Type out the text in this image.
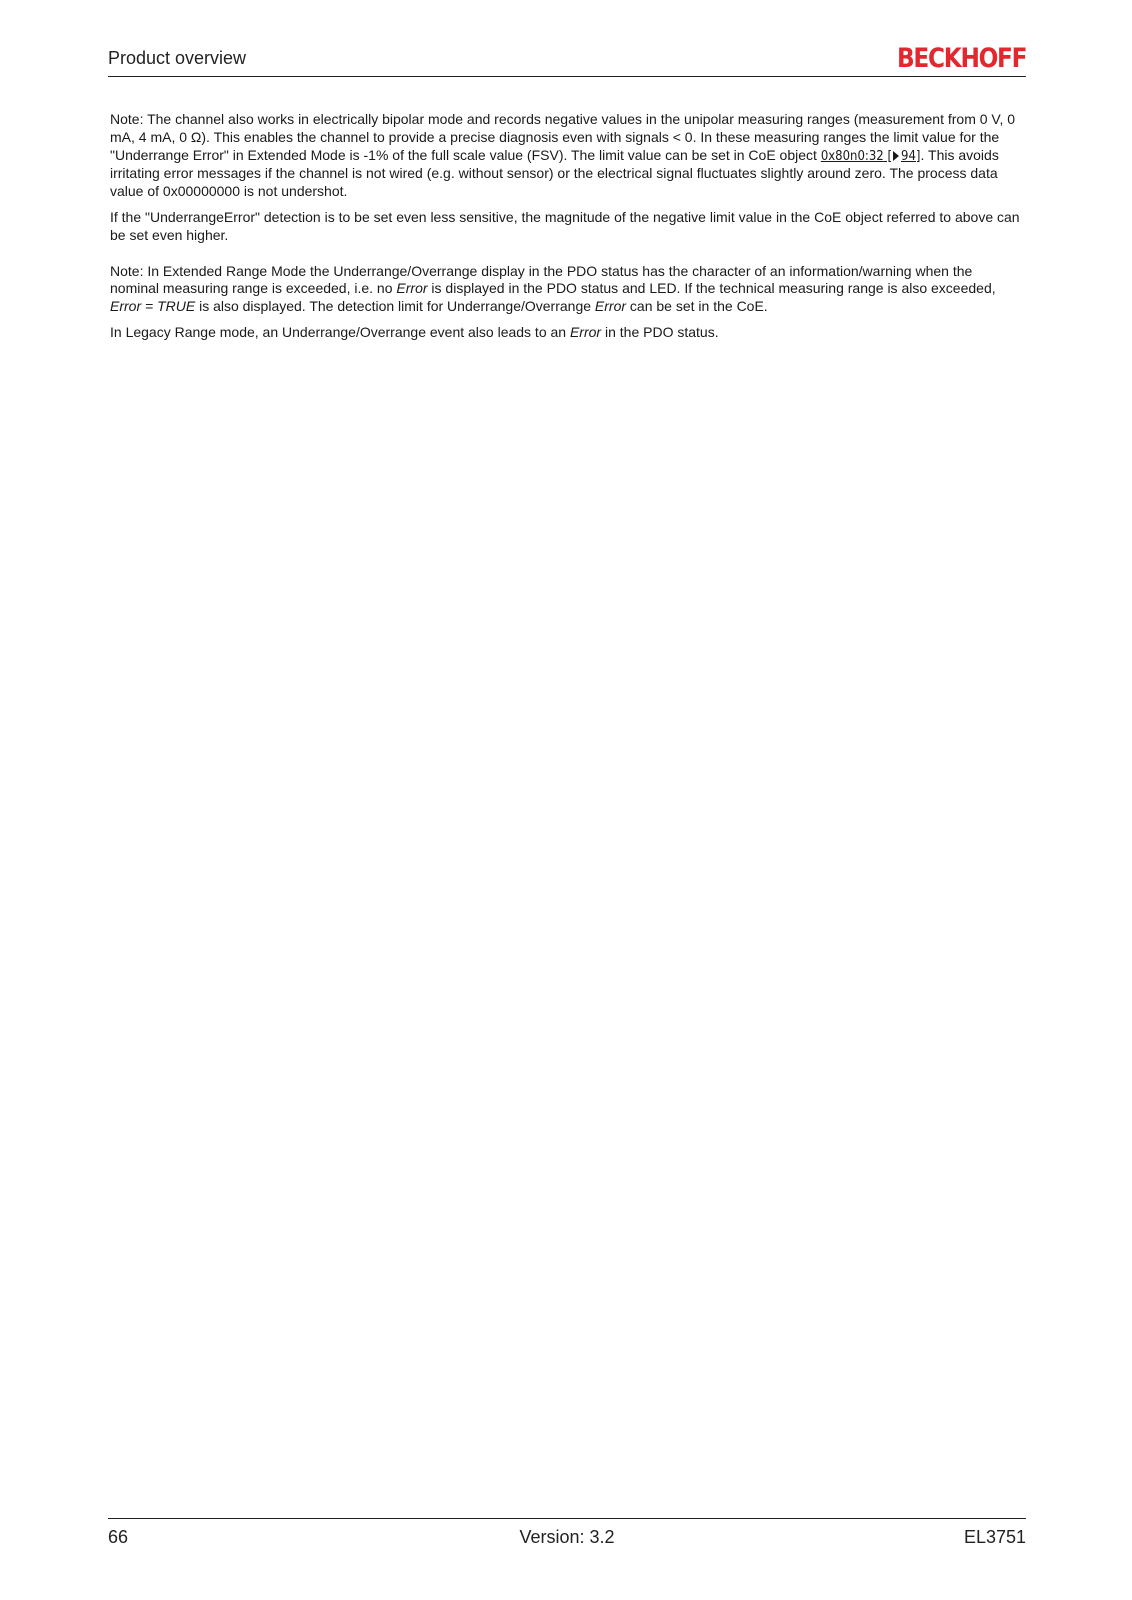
Product overview	BECKHOFF

Note: The channel also works in electrically bipolar mode and records negative values in the unipolar measuring ranges (measurement from 0 V, 0 mA, 4 mA, 0 Ω). This enables the channel to provide a precise diagnosis even with signals < 0. In these measuring ranges the limit value for the "Underrange Error" in Extended Mode is -1% of the full scale value (FSV). The limit value can be set in CoE object 0x80n0:32 [ 94]. This avoids irritating error messages if the channel is not wired (e.g. without sensor) or the electrical signal fluctuates slightly around zero. The process data value of 0x00000000 is not undershot.

If the "UnderrangeError" detection is to be set even less sensitive, the magnitude of the negative limit value in the CoE object referred to above can be set even higher.

Note: In Extended Range Mode the Underrange/Overrange display in the PDO status has the character of an information/warning when the nominal measuring range is exceeded, i.e. no Error is displayed in the PDO status and LED. If the technical measuring range is also exceeded, Error = TRUE is also displayed. The detection limit for Underrange/Overrange Error can be set in the CoE.

In Legacy Range mode, an Underrange/Overrange event also leads to an Error in the PDO status.

66	Version: 3.2	EL3751
